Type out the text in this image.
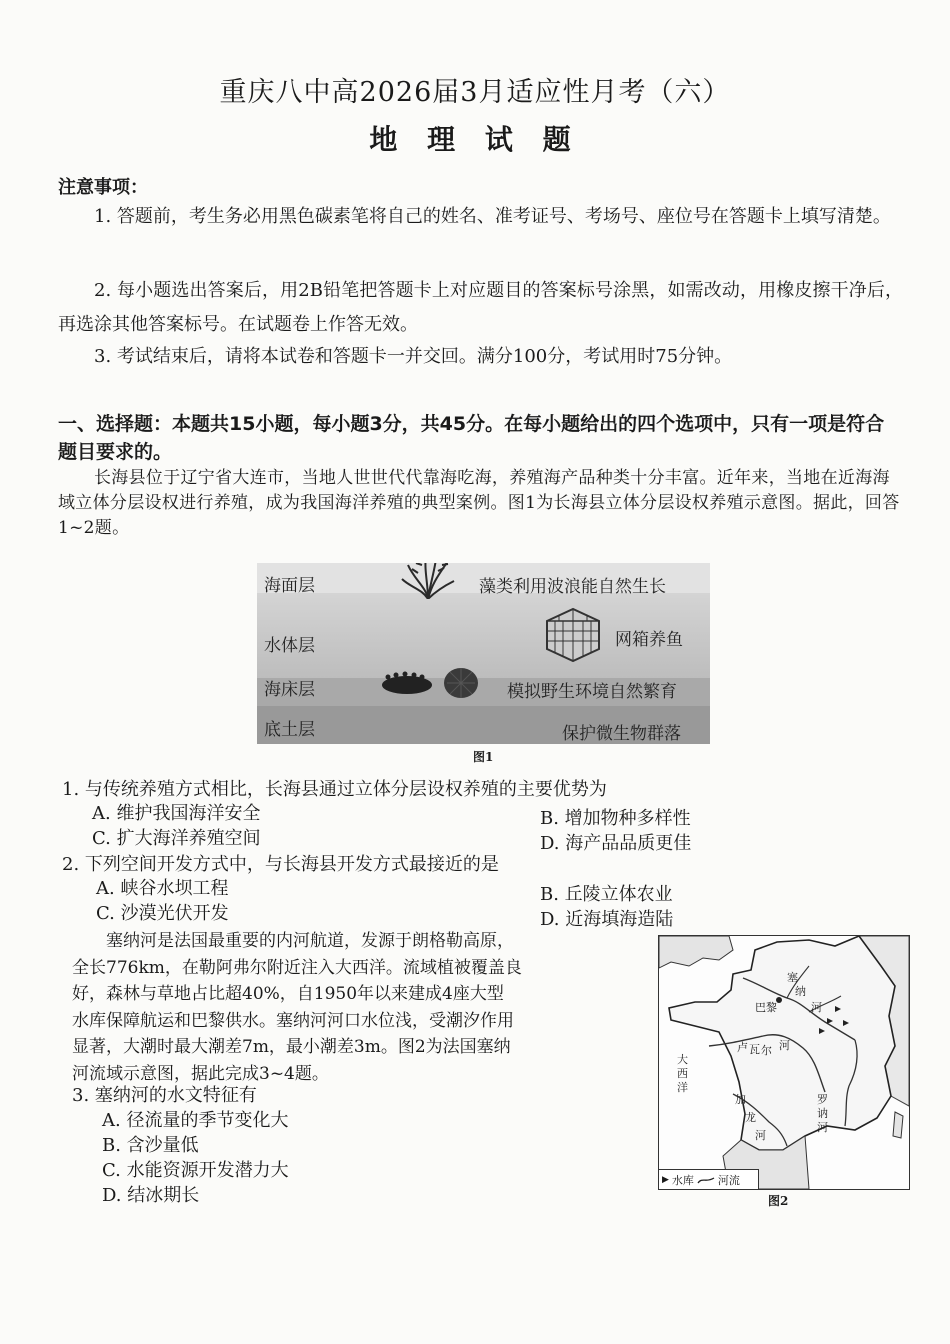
重庆八中高2026届3月适应性月考（六）
地 理 试 题
注意事项：
1. 答题前，考生务必用黑色碳素笔将自己的姓名、准考证号、考场号、座位号在答题卡上填写清楚。
2. 每小题选出答案后，用2B铅笔把答题卡上对应题目的答案标号涂黑，如需改动，用橡皮擦干净后，再选涂其他答案标号。在试题卷上作答无效。
3. 考试结束后，请将本试卷和答题卡一并交回。满分100分，考试用时75分钟。
一、选择题：本题共15小题，每小题3分，共45分。在每小题给出的四个选项中，只有一项是符合题目要求的。
长海县位于辽宁省大连市，当地人世世代代靠海吃海，养殖海产品种类十分丰富。近年来，当地在近海海域立体分层设权进行养殖，成为我国海洋养殖的典型案例。图1为长海县立体分层设权养殖示意图。据此，回答1~2题。
海面层
水体层
海床层
底土层
藻类利用波浪能自然生长
网箱养鱼
模拟野生环境自然繁育
保护微生物群落
图1
1. 与传统养殖方式相比，长海县通过立体分层设权养殖的主要优势为
A. 维护我国海洋安全	B. 增加物种多样性
C. 扩大海洋养殖空间	D. 海产品品质更佳
2. 下列空间开发方式中，与长海县开发方式最接近的是
A. 峡谷水坝工程	B. 丘陵立体农业
C. 沙漠光伏开发	D. 近海填海造陆
塞纳河是法国最重要的内河航道，发源于朗格勒高原，
全长776km，在勒阿弗尔附近注入大西洋。流域植被覆盖良
好，森林与草地占比超40%，自1950年以来建成4座大型
水库保障航运和巴黎供水。塞纳河河口水位浅，受潮汐作用
显著，大潮时最大潮差7m，最小潮差3m。图2为法国塞纳
河流域示意图，据此完成3~4题。
3. 塞纳河的水文特征有
A. 径流量的季节变化大
B. 含沙量低
C. 水能资源开发潜力大
D. 结冰期长
塞
纳
河
巴黎
卢 瓦 尔 河
大
西
洋
加
龙
河
罗
讷
河
▶ 水库 河流
图2
